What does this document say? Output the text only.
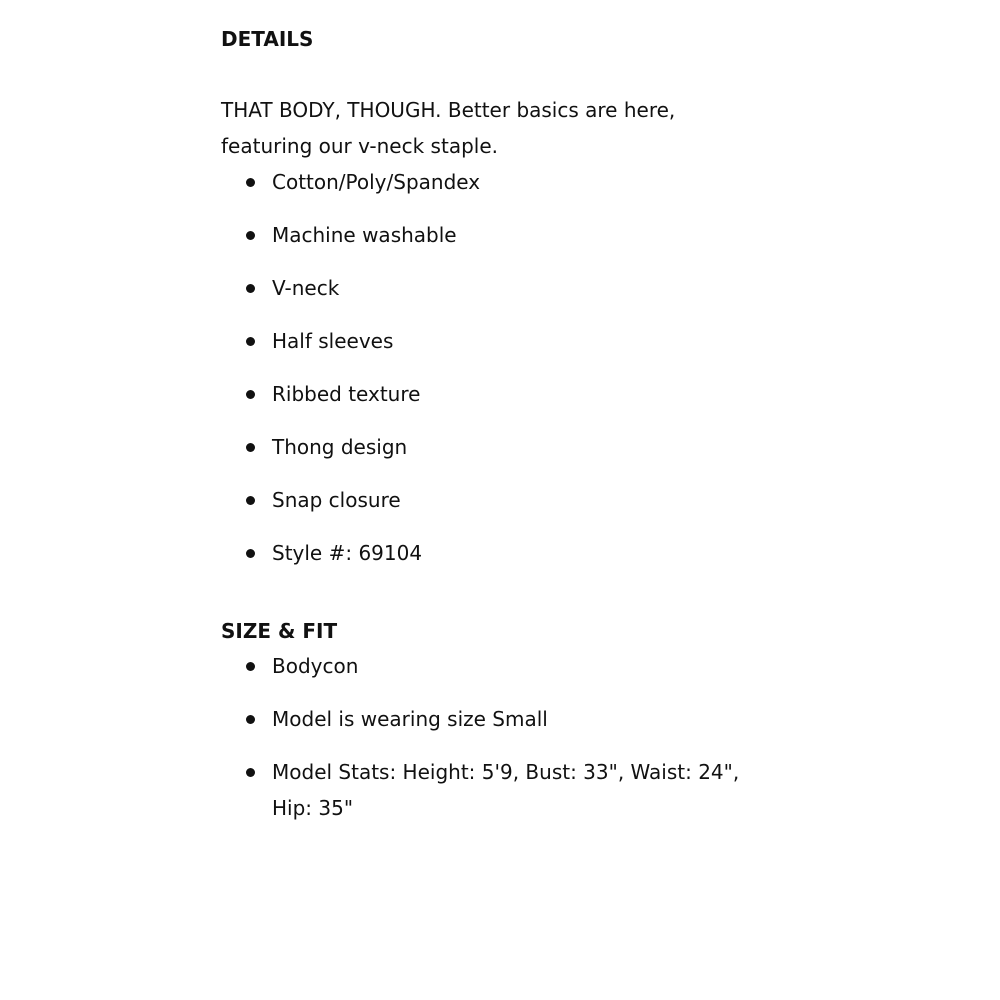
DETAILS

THAT BODY, THOUGH. Better basics are here, featuring our v-neck staple.

Cotton/Poly/Spandex
Machine washable
V-neck
Half sleeves
Ribbed texture
Thong design
Snap closure
Style #: 69104
SIZE & FIT
Bodycon
Model is wearing size Small
Model Stats: Height: 5'9, Bust: 33", Waist: 24", Hip: 35"
